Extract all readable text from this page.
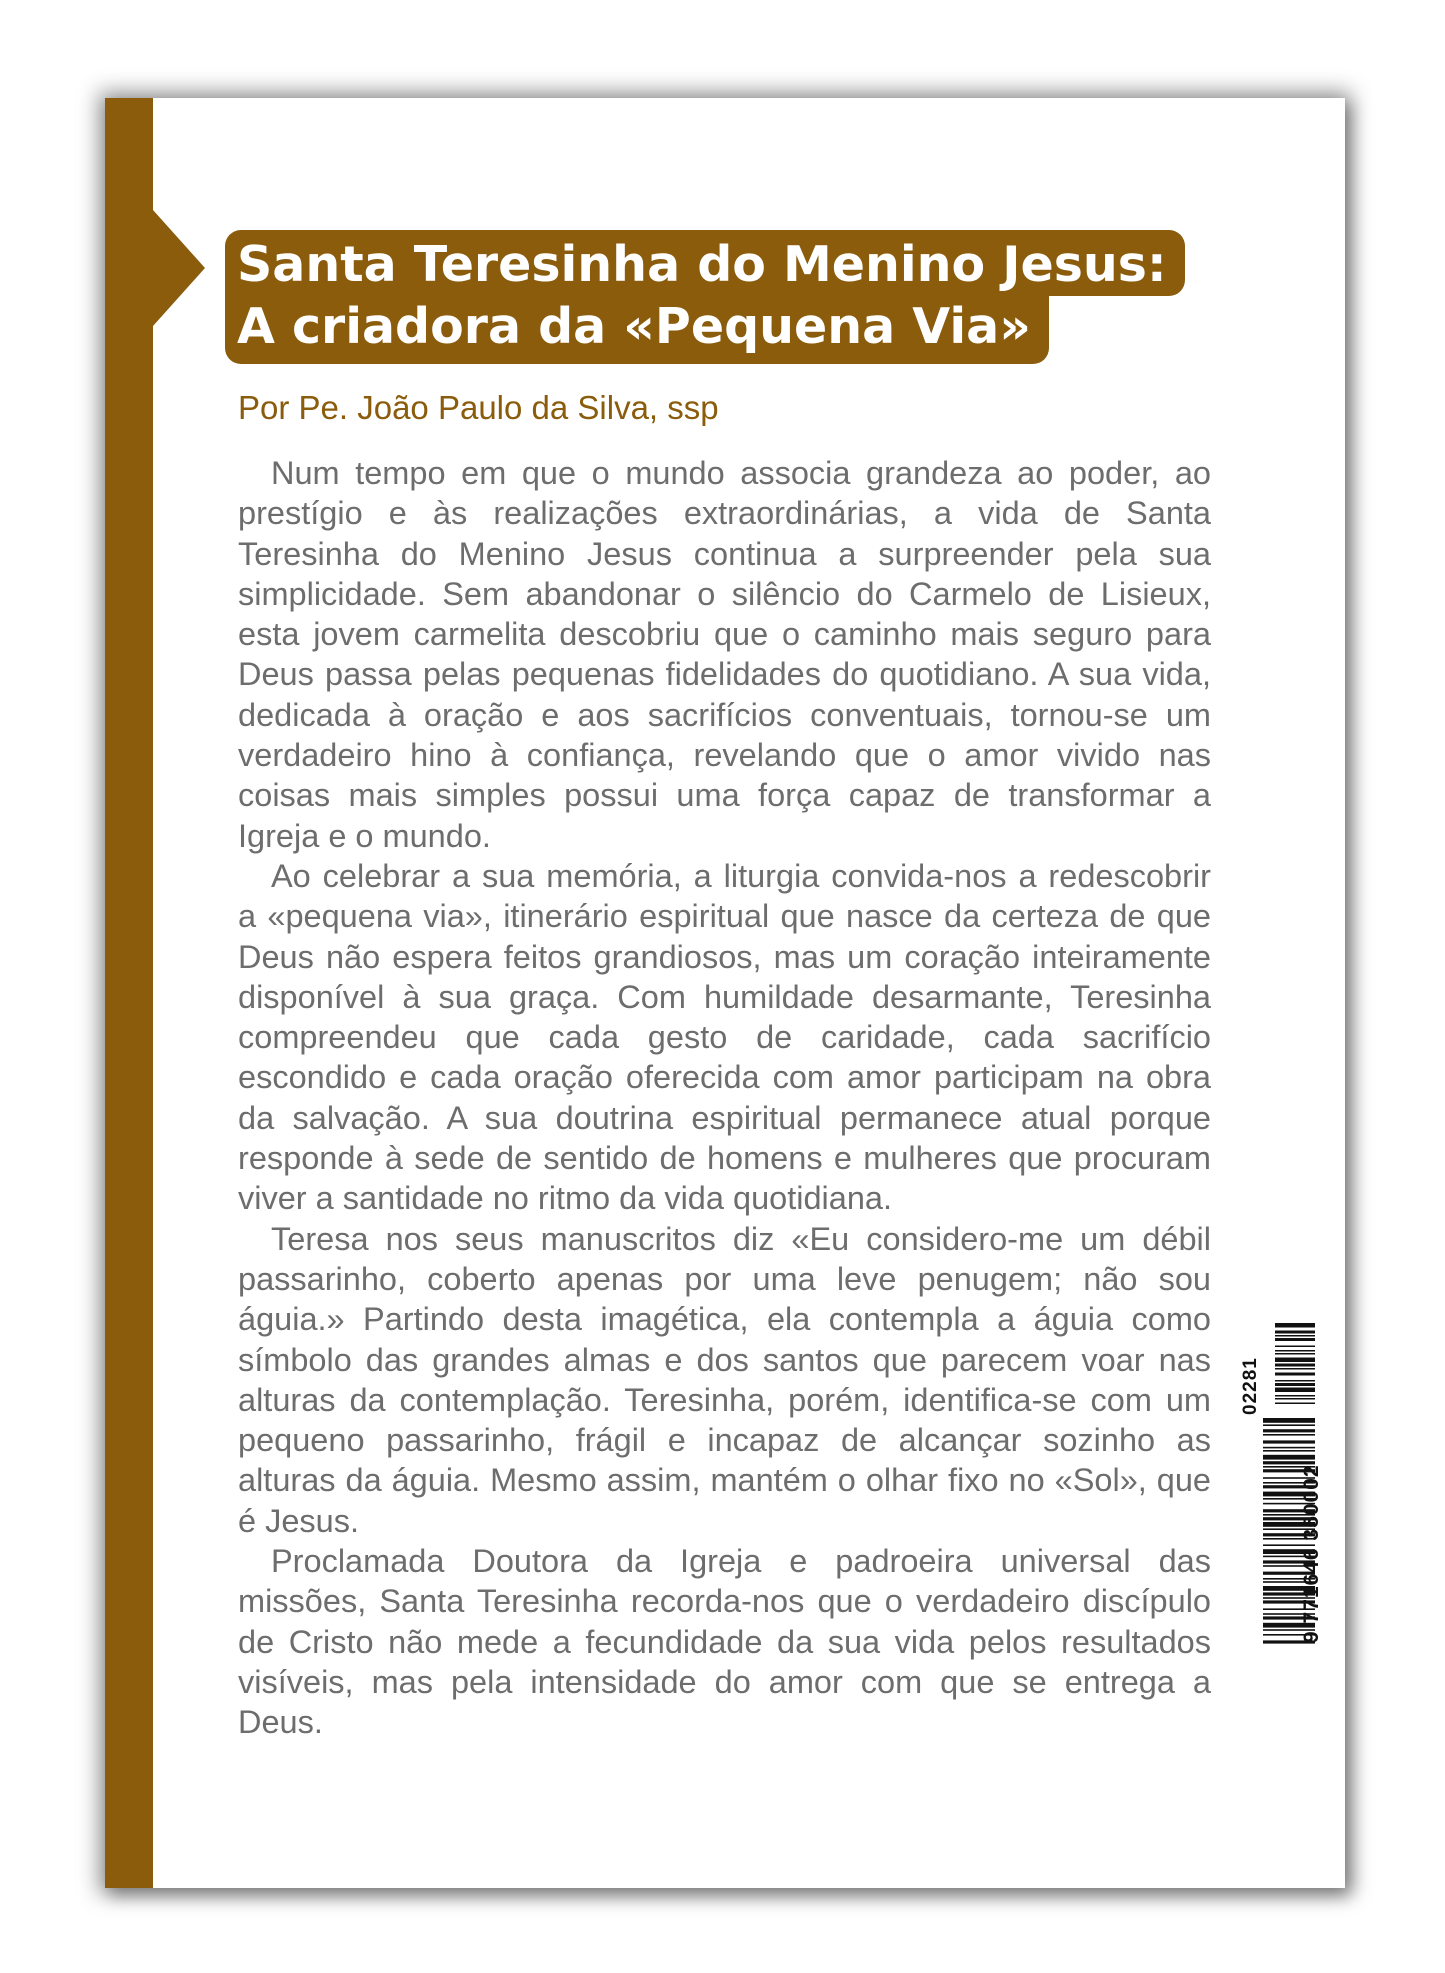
Santa Teresinha do Menino Jesus:
A criadora da «Pequena Via»
Por Pe. João Paulo da Silva, ssp

Num tempo em que o mundo associa grandeza ao poder, ao prestígio e às realizações extraordinárias, a vida de Santa Teresinha do Menino Jesus continua a surpreender pela sua simplicidade. Sem abandonar o silêncio do Carmelo de Lisieux, esta jovem carmelita descobriu que o caminho mais seguro para Deus passa pelas pequenas fidelidades do quotidiano. A sua vida, dedicada à oração e aos sacrifícios conventuais, tornou-se um verdadeiro hino à confiança, revelando que o amor vivido nas coisas mais simples possui uma força capaz de transformar a Igreja e o mundo.

Ao celebrar a sua memória, a liturgia convida-nos a redescobrir a «pequena via», itinerário espiritual que nasce da certeza de que Deus não espera feitos grandiosos, mas um coração inteiramente disponível à sua graça. Com humildade desarmante, Teresinha compreendeu que cada gesto de caridade, cada sacrifício escondido e cada oração oferecida com amor participam na obra da salvação. A sua doutrina espiritual permanece atual porque responde à sede de sentido de homens e mulheres que procuram viver a santidade no ritmo da vida quotidiana.

Teresa nos seus manuscritos diz «Eu considero-me um débil passarinho, coberto apenas por uma leve penugem; não sou águia.» Partindo desta imagética, ela contempla a águia como símbolo das grandes almas e dos santos que parecem voar nas alturas da contemplação. Teresinha, porém, identifica-se com um pequeno passarinho, frágil e incapaz de alcançar sozinho as alturas da águia. Mesmo assim, mantém o olhar fixo no «Sol», que é Jesus.

Proclamada Doutora da Igreja e padroeira universal das missões, Santa Teresinha recorda-nos que o verdadeiro discípulo de Cristo não mede a fecundidade da sua vida pelos resultados visíveis, mas pela intensidade do amor com que se entrega a Deus.

02281
9 771646 350002
